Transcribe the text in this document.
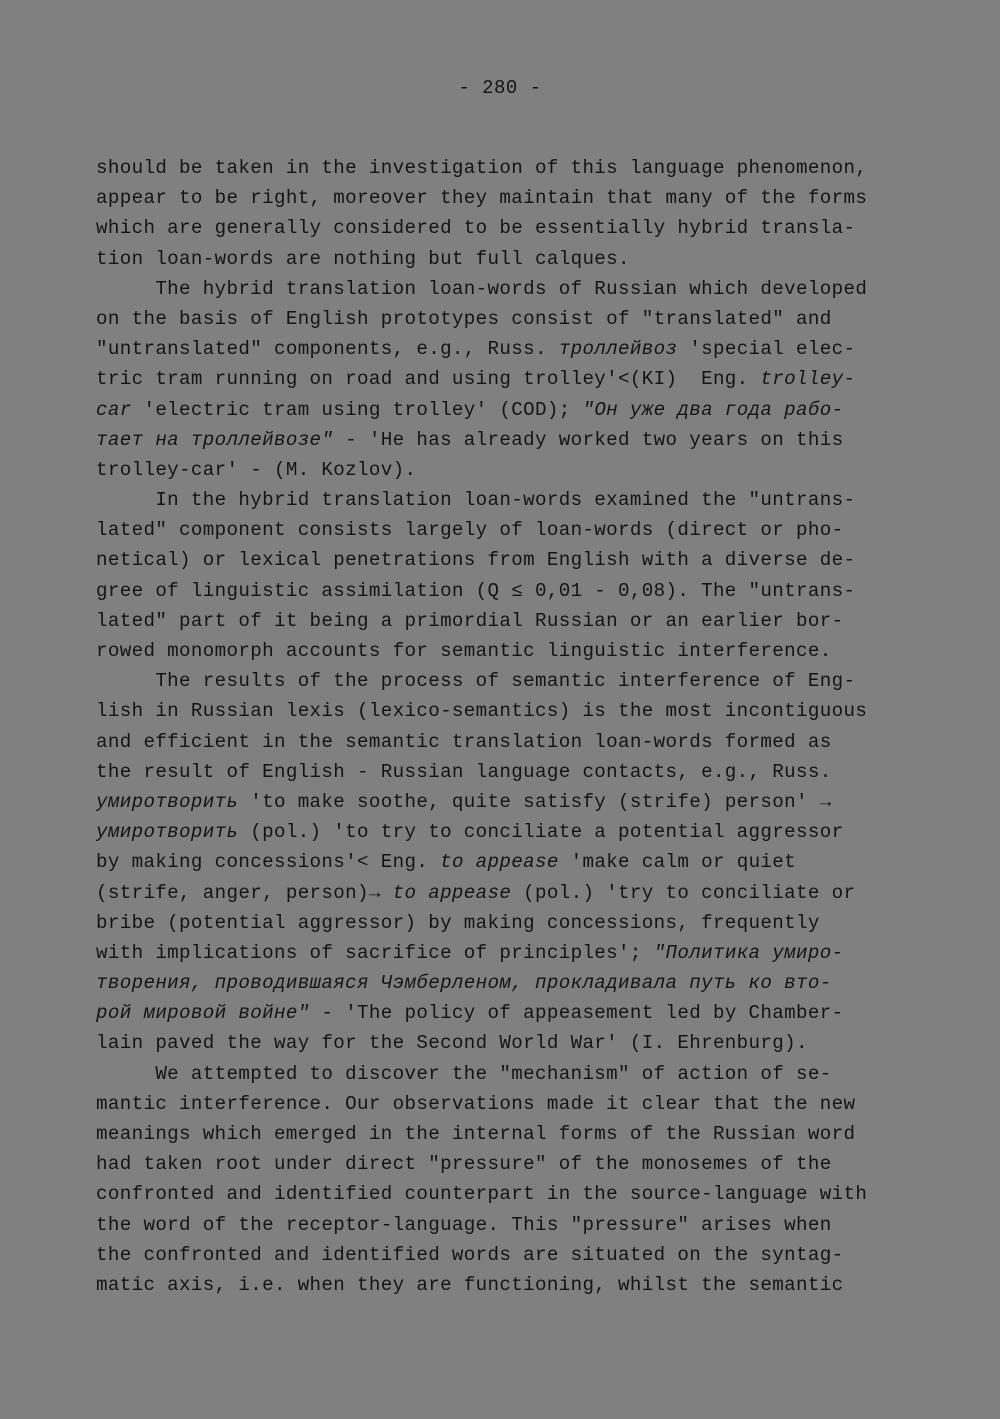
- 280 -
should be taken in the investigation of this language phenomenon,
appear to be right, moreover they maintain that many of the forms
which are generally considered to be essentially hybrid transla-
tion loan-words are nothing but full calques.
The hybrid translation loan-words of Russian which developed
on the basis of English prototypes consist of "translated" and
"untranslated" components, e.g., Russ. троллейвоз 'special elec-
tric tram running on road and using trolley'<(KI)  Eng. trolley-
car 'electric tram using trolley' (COD); "Он уже два года рабо-
тает на троллейвозе" - 'He has already worked two years on this
trolley-car' - (M. Kozlov).
In the hybrid translation loan-words examined the "untrans-
lated" component consists largely of loan-words (direct or pho-
netical) or lexical penetrations from English with a diverse de-
gree of linguistic assimilation (Q ≤ 0,01 - 0,08). The "untrans-
lated" part of it being a primordial Russian or an earlier bor-
rowed monomorph accounts for semantic linguistic interference.
The results of the process of semantic interference of Eng-
lish in Russian lexis (lexico-semantics) is the most incontiguous
and efficient in the semantic translation loan-words formed as
the result of English - Russian language contacts, e.g., Russ.
умиротворить 'to make soothe, quite satisfy (strife) person' →
умиротворить (pol.) 'to try to conciliate a potential aggressor
by making concessions'< Eng. to appease 'make calm or quiet
(strife, anger, person)→ to appease (pol.) 'try to conciliate or
bribe (potential aggressor) by making concessions, frequently
with implications of sacrifice of principles'; "Политика умиро-
творения, проводившаяся Чэмберленом, прокладивала путь ко вто-
рой мировой войне" - 'The policy of appeasement led by Chamber-
lain paved the way for the Second World War' (I. Ehrenburg).
We attempted to discover the "mechanism" of action of se-
mantic interference. Our observations made it clear that the new
meanings which emerged in the internal forms of the Russian word
had taken root under direct "pressure" of the monosemes of the
confronted and identified counterpart in the source-language with
the word of the receptor-language. This "pressure" arises when
the confronted and identified words are situated on the syntag-
matic axis, i.e. when they are functioning, whilst the semantic
